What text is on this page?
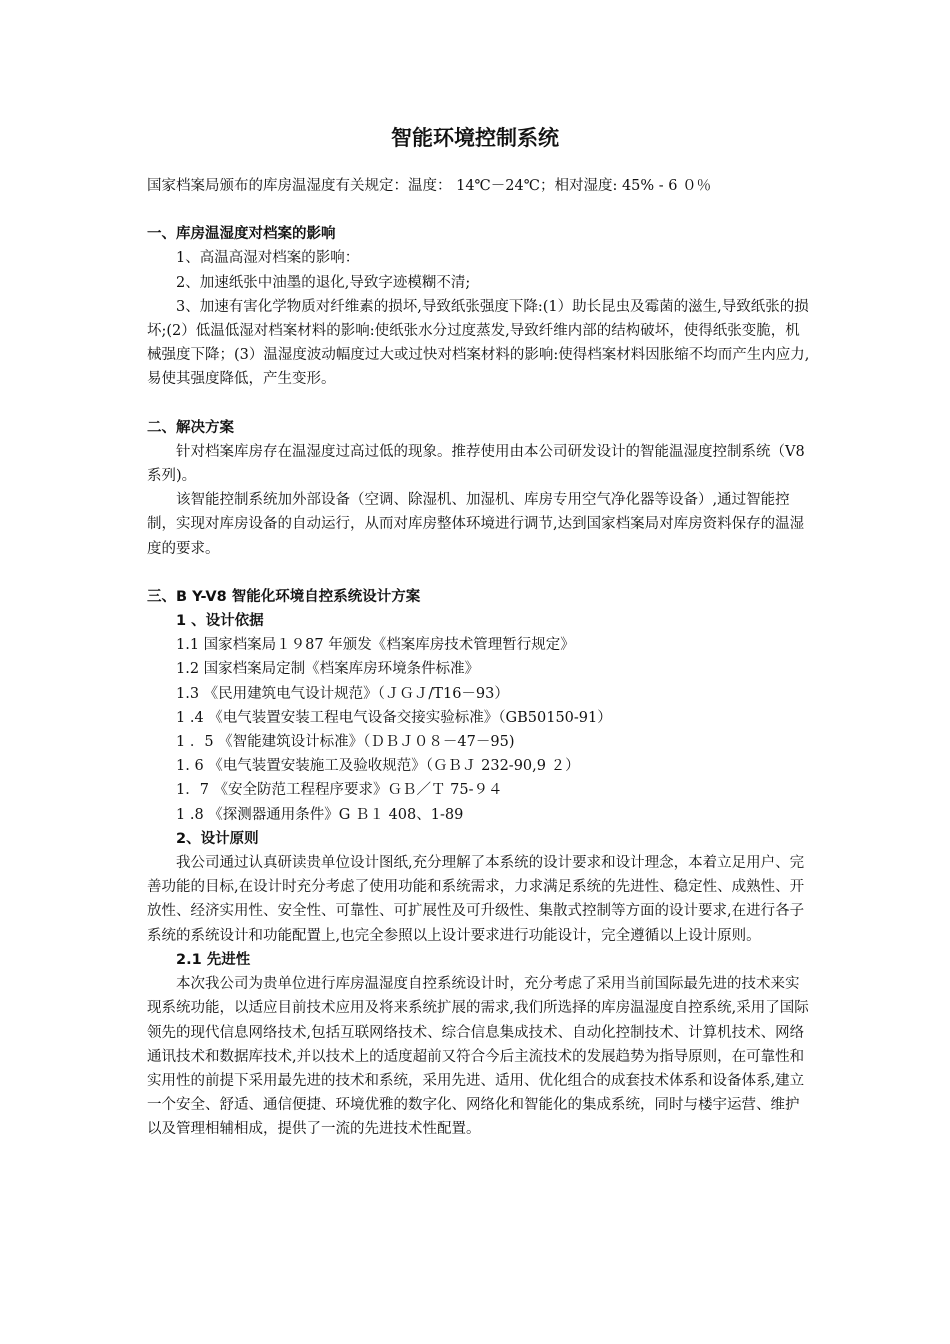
智能环境控制系统

国家档案局颁布的库房温湿度有关规定：温度： 14℃－24℃；相对湿度: 45% - 6 ０％

一、库房温湿度对档案的影响

1、高温高湿对档案的影响：

2、加速纸张中油墨的退化,导致字迹模糊不清;

3、加速有害化学物质对纤维素的损坏,导致纸张强度下降:(1）助长昆虫及霉菌的滋生,导致纸张的损坏;(2）低温低湿对档案材料的影响:使纸张水分过度蒸发,导致纤维内部的结构破坏，使得纸张变脆，机械强度下降；(3）温湿度波动幅度过大或过快对档案材料的影响:使得档案材料因胀缩不均而产生内应力,易使其强度降低，产生变形。

二、解决方案

针对档案库房存在温湿度过高过低的现象。推荐使用由本公司研发设计的智能温湿度控制系统（V8 系列)。

该智能控制系统加外部设备（空调、除湿机、加湿机、库房专用空气净化器等设备）,通过智能控制，实现对库房设备的自动运行，从而对库房整体环境进行调节,达到国家档案局对库房资料保存的温湿度的要求。

三、B Y-V8 智能化环境自控系统设计方案

1 、设计依据

1.1 国家档案局１９87 年颁发《档案库房技术管理暂行规定》

1.2 国家档案局定制《档案库房环境条件标准》

1.3 《民用建筑电气设计规范》（ＪＧＪ/T16－93）

1 .4 《电气装置安装工程电气设备交接实验标准》（GB50150-91）

1 ．5 《智能建筑设计标准》（ＤＢＪ０８－47－95)

1. 6 《电气装置安装施工及验收规范》（ＧＢＪ 232-90,9 ２）

1．7 《安全防范工程程序要求》ＧＢ／Ｔ 75-９４

1 .8 《探测器通用条件》G Ｂ１ 408、1-89

2、设计原则

我公司通过认真研读贵单位设计图纸,充分理解了本系统的设计要求和设计理念，本着立足用户、完善功能的目标,在设计时充分考虑了使用功能和系统需求，力求满足系统的先进性、稳定性、成熟性、开放性、经济实用性、安全性、可靠性、可扩展性及可升级性、集散式控制等方面的设计要求,在进行各子系统的系统设计和功能配置上,也完全参照以上设计要求进行功能设计，完全遵循以上设计原则。

2.1 先进性

本次我公司为贵单位进行库房温湿度自控系统设计时，充分考虑了采用当前国际最先进的技术来实现系统功能，以适应目前技术应用及将来系统扩展的需求,我们所选择的库房温湿度自控系统,采用了国际领先的现代信息网络技术,包括互联网络技术、综合信息集成技术、自动化控制技术、计算机技术、网络通讯技术和数据库技术,并以技术上的适度超前又符合今后主流技术的发展趋势为指导原则，在可靠性和实用性的前提下采用最先进的技术和系统，采用先进、适用、优化组合的成套技术体系和设备体系,建立一个安全、舒适、通信便捷、环境优雅的数字化、网络化和智能化的集成系统，同时与楼宇运营、维护以及管理相辅相成，提供了一流的先进技术性配置。
